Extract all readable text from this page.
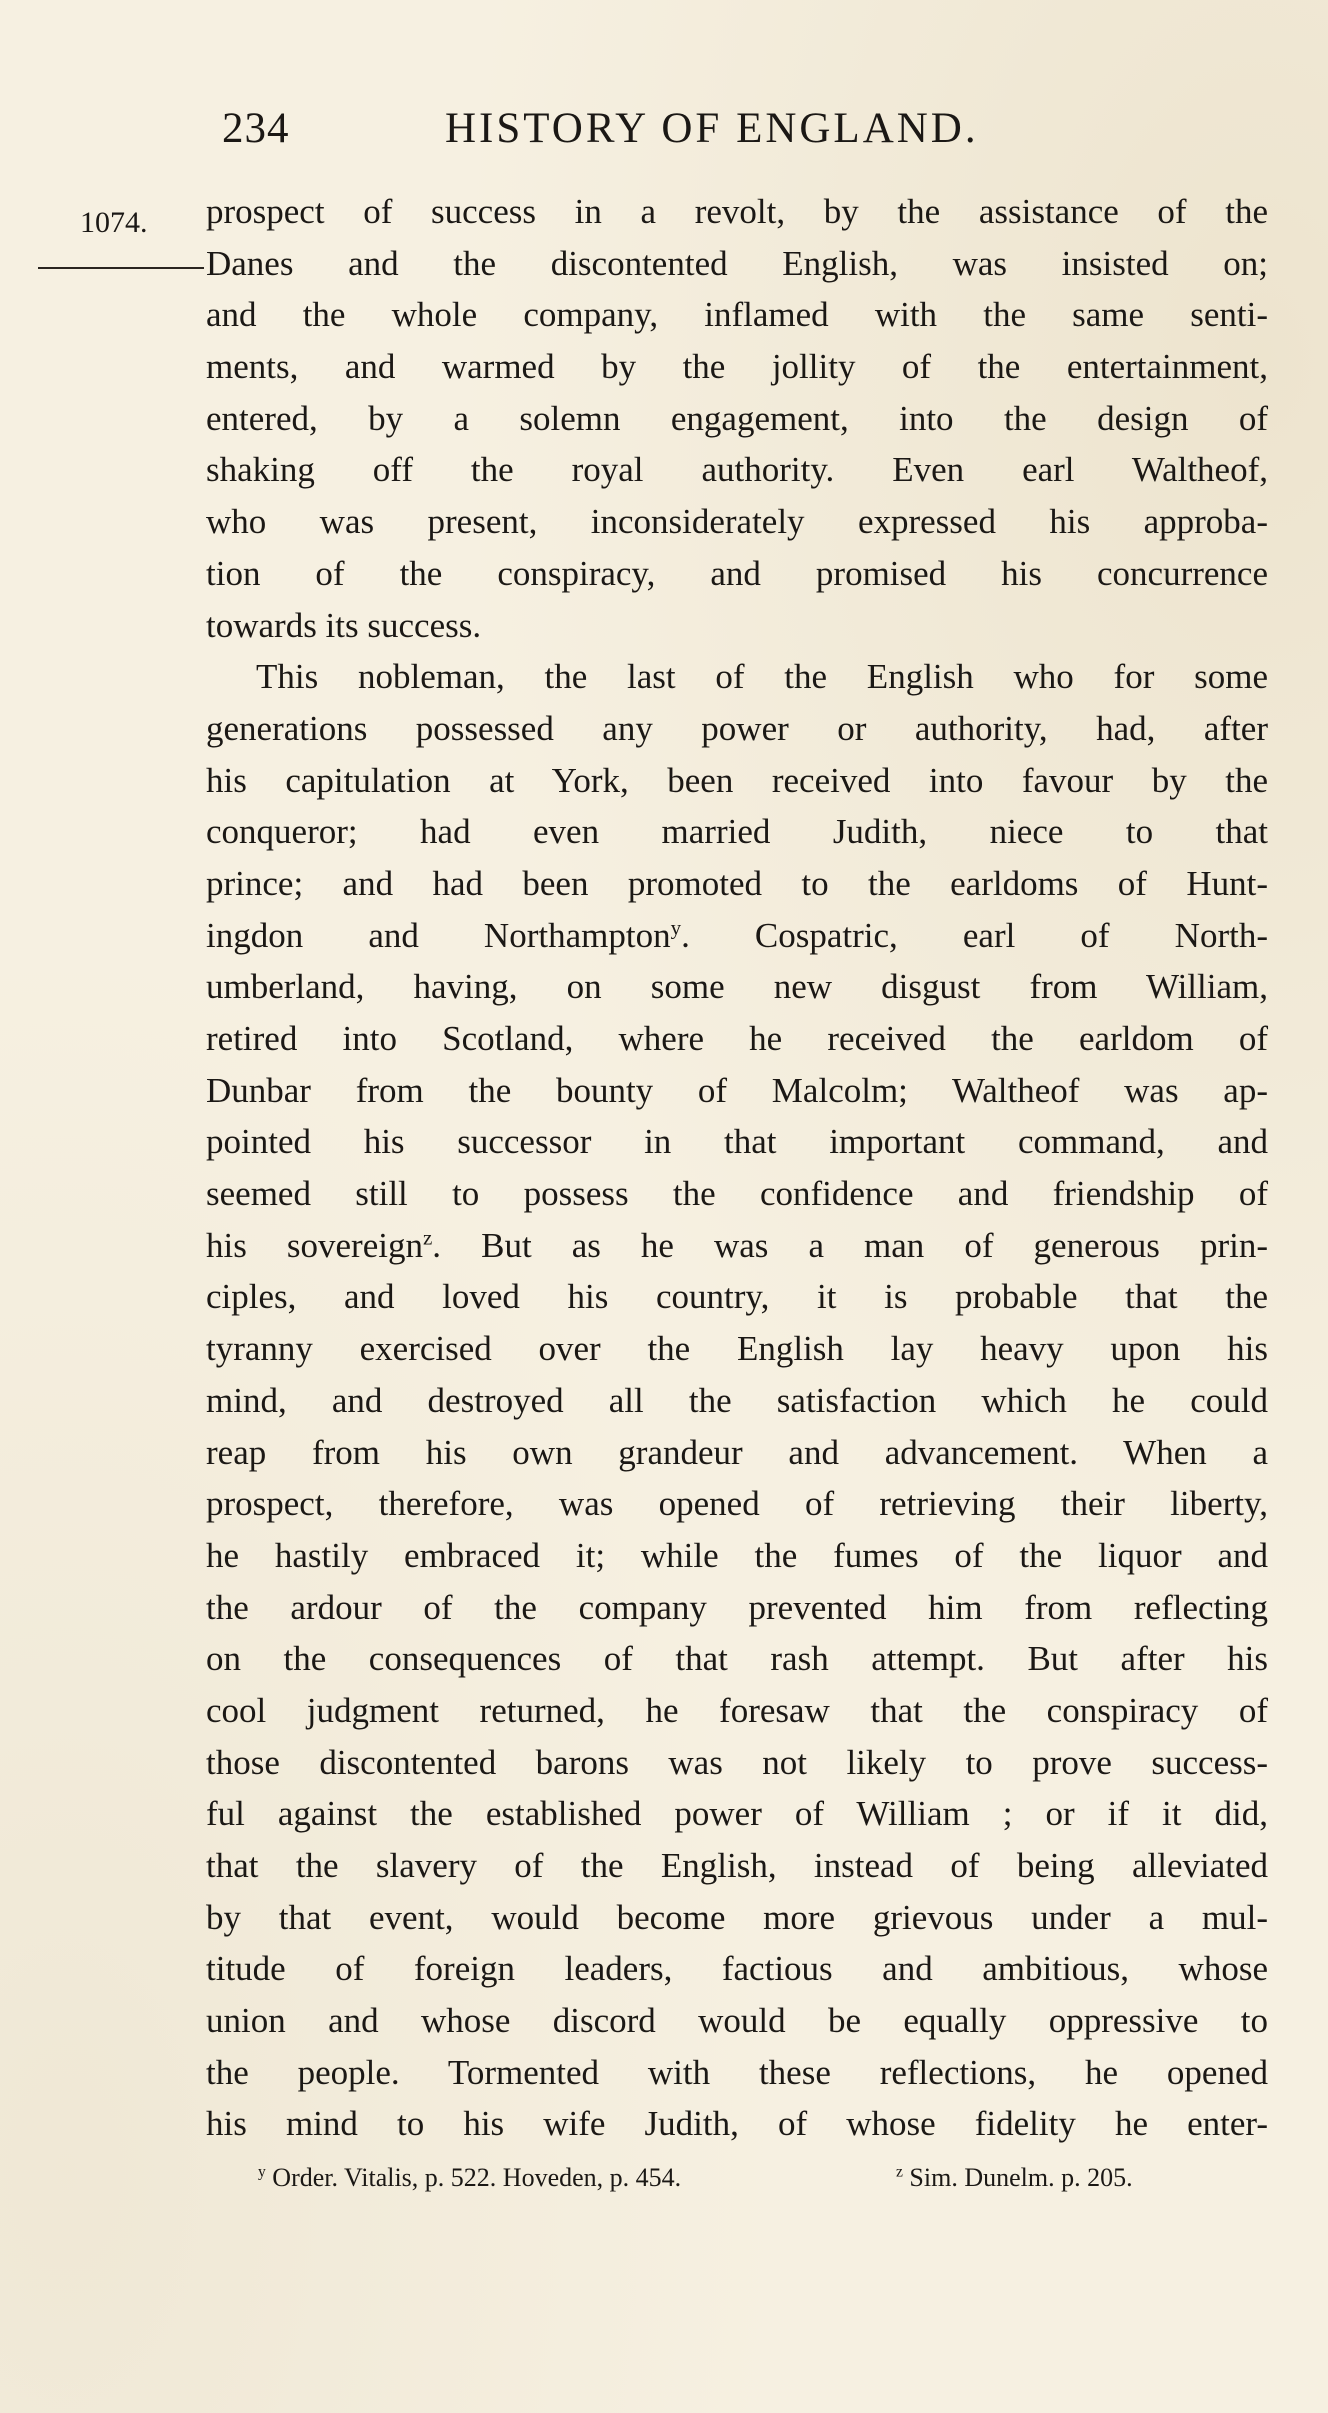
234	HISTORY OF ENGLAND.
1074. prospect of success in a revolt, by the assistance of the
Danes and the discontented English, was insisted on;
and the whole company, inflamed with the same senti-
ments, and warmed by the jollity of the entertainment,
entered, by a solemn engagement, into the design of
shaking off the royal authority. Even earl Waltheof,
who was present, inconsiderately expressed his approba-
tion of the conspiracy, and promised his concurrence
towards its success.
This nobleman, the last of the English who for some
generations possessed any power or authority, had, after
his capitulation at York, been received into favour by the
conqueror; had even married Judith, niece to that
prince; and had been promoted to the earldoms of Hunt-
ingdon and Northampton$^y$. Cospatric, earl of North-
umberland, having, on some new disgust from William,
retired into Scotland, where he received the earldom of
Dunbar from the bounty of Malcolm; Waltheof was ap-
pointed his successor in that important command, and
seemed still to possess the confidence and friendship of
his sovereign$^z$. But as he was a man of generous prin-
ciples, and loved his country, it is probable that the
tyranny exercised over the English lay heavy upon his
mind, and destroyed all the satisfaction which he could
reap from his own grandeur and advancement. When a
prospect, therefore, was opened of retrieving their liberty,
he hastily embraced it; while the fumes of the liquor and
the ardour of the company prevented him from reflecting
on the consequences of that rash attempt. But after his
cool judgment returned, he foresaw that the conspiracy of
those discontented barons was not likely to prove success-
ful against the established power of William ; or if it did,
that the slavery of the English, instead of being alleviated
by that event, would become more grievous under a mul-
titude of foreign leaders, factious and ambitious, whose
union and whose discord would be equally oppressive to
the people. Tormented with these reflections, he opened
his mind to his wife Judith, of whose fidelity he enter-
$^y$ Order. Vitalis, p. 522. Hoveden, p. 454.	$^z$ Sim. Dunelm. p. 205.
